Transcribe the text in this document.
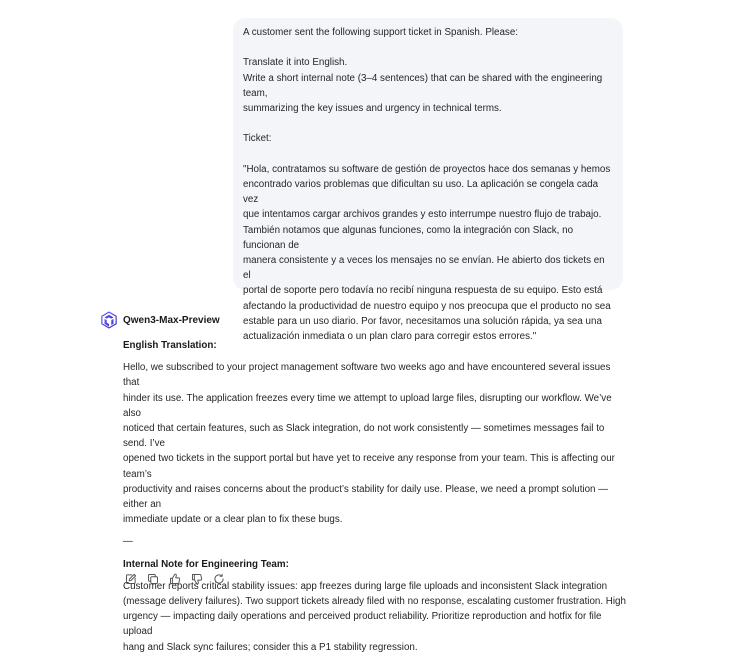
A customer sent the following support ticket in Spanish. Please:

Translate it into English.

Write a short internal note (3–4 sentences) that can be shared with the engineering team,

summarizing the key issues and urgency in technical terms.

Ticket:

"Hola, contratamos su software de gestión de proyectos hace dos semanas y hemos

encontrado varios problemas que dificultan su uso. La aplicación se congela cada vez

que intentamos cargar archivos grandes y esto interrumpe nuestro flujo de trabajo.

También notamos que algunas funciones, como la integración con Slack, no funcionan de

manera consistente y a veces los mensajes no se envían. He abierto dos tickets en el

portal de soporte pero todavía no recibí ninguna respuesta de su equipo. Esto está

afectando la productividad de nuestro equipo y nos preocupa que el producto no sea

estable para un uso diario. Por favor, necesitamos una solución rápida, ya sea una

actualización inmediata o un plan claro para corregir estos errores."

Qwen3-Max-Preview
English Translation:

Hello, we subscribed to your project management software two weeks ago and have encountered several issues that

hinder its use. The application freezes every time we attempt to upload large files, disrupting our workflow. We’ve also

noticed that certain features, such as Slack integration, do not work consistently — sometimes messages fail to send. I’ve

opened two tickets in the support portal but have yet to receive any response from your team. This is affecting our team’s

productivity and raises concerns about the product’s stability for daily use. Please, we need a prompt solution — either an

immediate update or a clear plan to fix these bugs.

—
Internal Note for Engineering Team:

Customer reports critical stability issues: app freezes during large file uploads and inconsistent Slack integration

(message delivery failures). Two support tickets already filed with no response, escalating customer frustration. High

urgency — impacting daily operations and perceived product reliability. Prioritize reproduction and hotfix for file upload

hang and Slack sync failures; consider this a P1 stability regression.
